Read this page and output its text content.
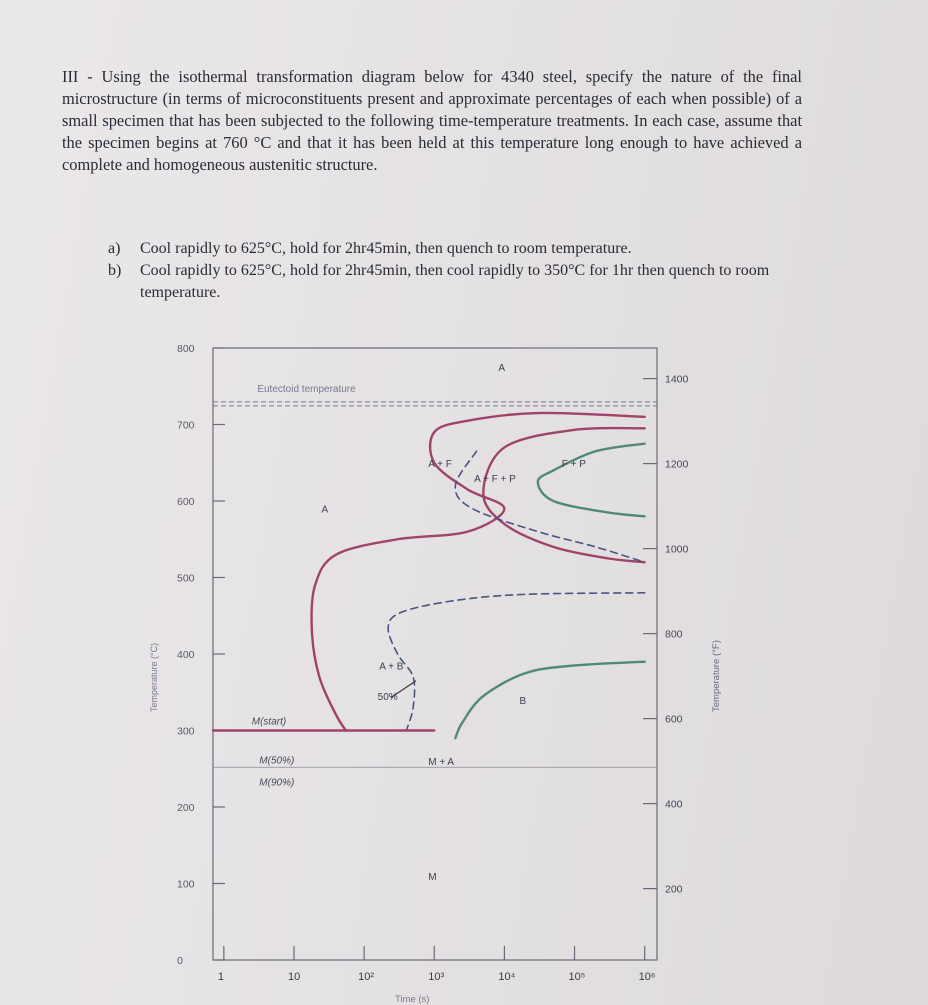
III - Using the isothermal transformation diagram below for 4340 steel, specify the nature of the final microstructure (in terms of microconstituents present and approximate percentages of each when possible) of a small specimen that has been subjected to the following time-temperature treatments. In each case, assume that the specimen begins at 760 °C and that it has been held at this temperature long enough to have achieved a complete and homogeneous austenitic structure.
a)	Cool rapidly to 625°C, hold for 2hr45min, then quench to room temperature.
b)	Cool rapidly to 625°C, hold for 2hr45min, then cool rapidly to 350°C for 1hr then quench to room temperature.
0
100
200
300
400
500
600
700
800
1400
1200
1000
800
600
400
200
1	10	10²	10³	10⁴	10⁵	10⁶
Time (s)
Temperature (°C)	Temperature (°F)
Eutectoid temperature
M(start)
M(50%)
M(90%)
A
A
A + F
A + F + P
F + P
A + B
50%	B
M + A
M
